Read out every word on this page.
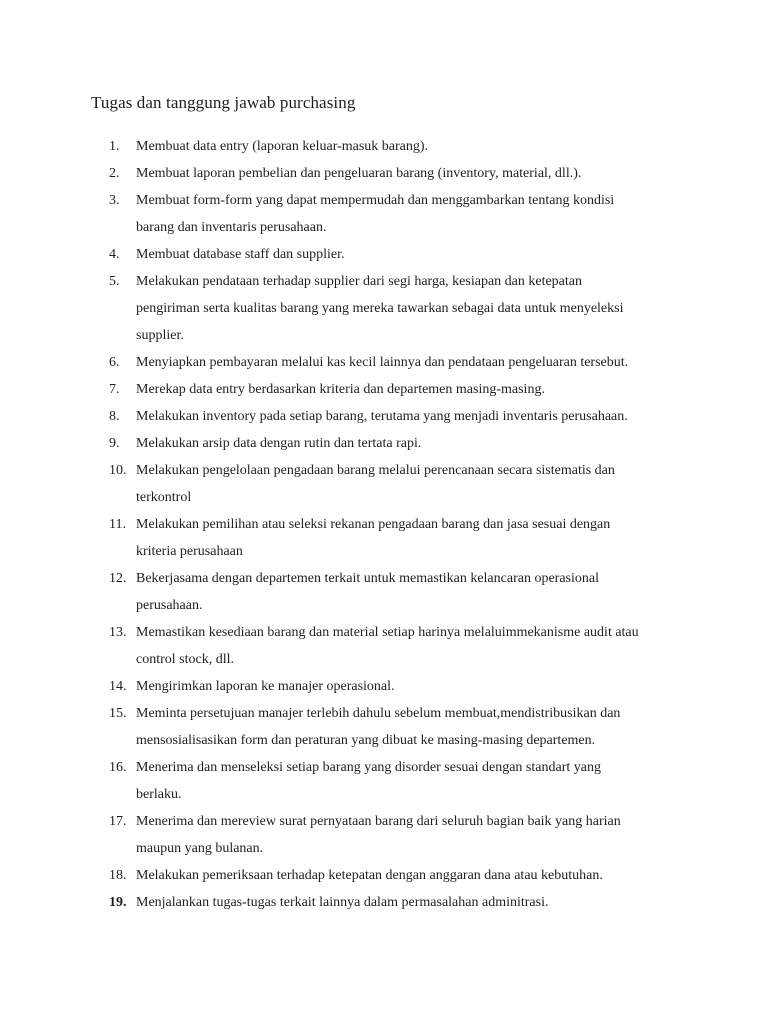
Tugas dan tanggung jawab purchasing
1.	Membuat data entry (laporan keluar-masuk barang).
2.	Membuat laporan pembelian dan pengeluaran barang (inventory, material, dll.).
3.	Membuat form-form yang dapat mempermudah dan menggambarkan tentang kondisi
barang dan inventaris perusahaan.
4.	Membuat database staff dan supplier.
5.	Melakukan pendataan terhadap supplier dari segi harga, kesiapan dan ketepatan
pengiriman serta kualitas barang yang mereka tawarkan sebagai data untuk menyeleksi
supplier.
6.	Menyiapkan pembayaran melalui kas kecil lainnya dan pendataan pengeluaran tersebut.
7.	Merekap data entry berdasarkan kriteria dan departemen masing-masing.
8.	Melakukan inventory pada setiap barang, terutama yang menjadi inventaris perusahaan.
9.	Melakukan arsip data dengan rutin dan tertata rapi.
10. Melakukan pengelolaan pengadaan barang melalui perencanaan secara sistematis dan
terkontrol
11. Melakukan pemilihan atau seleksi rekanan pengadaan barang dan jasa sesuai dengan
kriteria perusahaan
12. Bekerjasama dengan departemen terkait untuk memastikan kelancaran operasional
perusahaan.
13. Memastikan kesediaan barang dan material setiap harinya melaluimmekanisme audit atau
control stock, dll.
14. Mengirimkan laporan ke manajer operasional.
15. Meminta persetujuan manajer terlebih dahulu sebelum membuat,mendistribusikan dan
mensosialisasikan form dan peraturan yang dibuat ke masing-masing departemen.
16. Menerima dan menseleksi setiap barang yang disorder sesuai dengan standart yang
berlaku.
17. Menerima dan mereview surat pernyataan barang dari seluruh bagian baik yang harian
maupun yang bulanan.
18. Melakukan pemeriksaan terhadap ketepatan dengan anggaran dana atau kebutuhan.
19. Menjalankan tugas-tugas terkait lainnya dalam permasalahan adminitrasi.
